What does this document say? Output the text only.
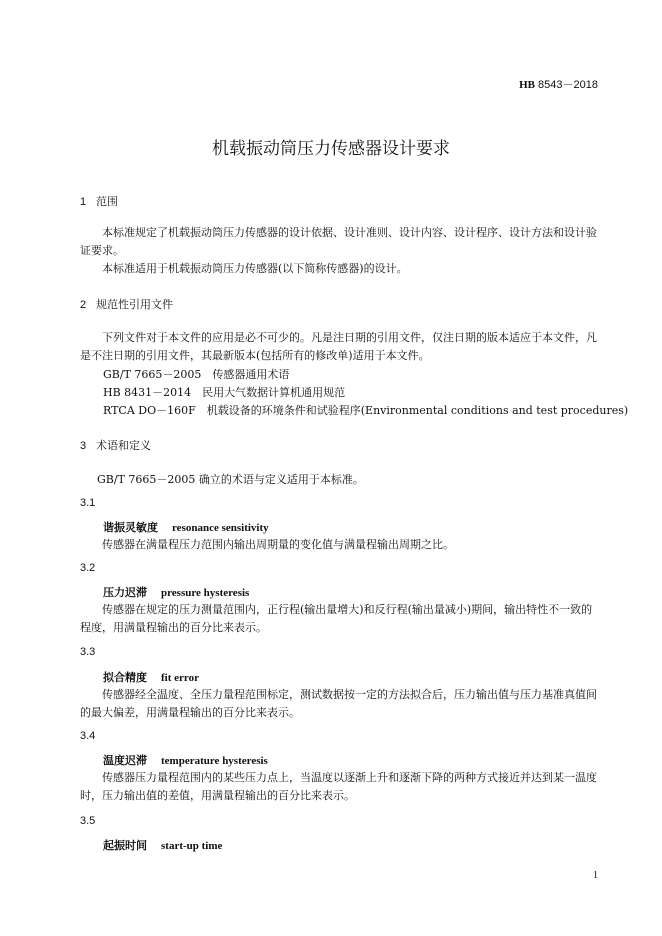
HB 8543－2018
机载振动筒压力传感器设计要求
1 范围
本标准规定了机载振动筒压力传感器的设计依据、设计准则、设计内容、设计程序、设计方法和设计验证要求。
本标准适用于机载振动筒压力传感器(以下简称传感器)的设计。
2 规范性引用文件
下列文件对于本文件的应用是必不可少的。凡是注日期的引用文件，仅注日期的版本适应于本文件，凡是不注日期的引用文件，其最新版本(包括所有的修改单)适用于本文件。
GB/T 7665－2005　传感器通用术语
HB 8431－2014　民用大气数据计算机通用规范
RTCA DO－160F　机载设备的环境条件和试验程序(Environmental conditions and test procedures)
3 术语和定义
GB/T 7665－2005 确立的术语与定义适用于本标准。
3.1
谐振灵敏度 resonance sensitivity
传感器在满量程压力范围内输出周期量的变化值与满量程输出周期之比。
3.2
压力迟滞 pressure hysteresis
传感器在规定的压力测量范围内，正行程(输出量增大)和反行程(输出量减小)期间，输出特性不一致的程度，用满量程输出的百分比来表示。
3.3
拟合精度 fit error
传感器经全温度、全压力量程范围标定，测试数据按一定的方法拟合后，压力输出值与压力基准真值间的最大偏差，用满量程输出的百分比来表示。
3.4
温度迟滞 temperature hysteresis
传感器压力量程范围内的某些压力点上，当温度以逐渐上升和逐渐下降的两种方式接近并达到某一温度时，压力输出值的差值，用满量程输出的百分比来表示。
3.5
起振时间 start-up time
1
